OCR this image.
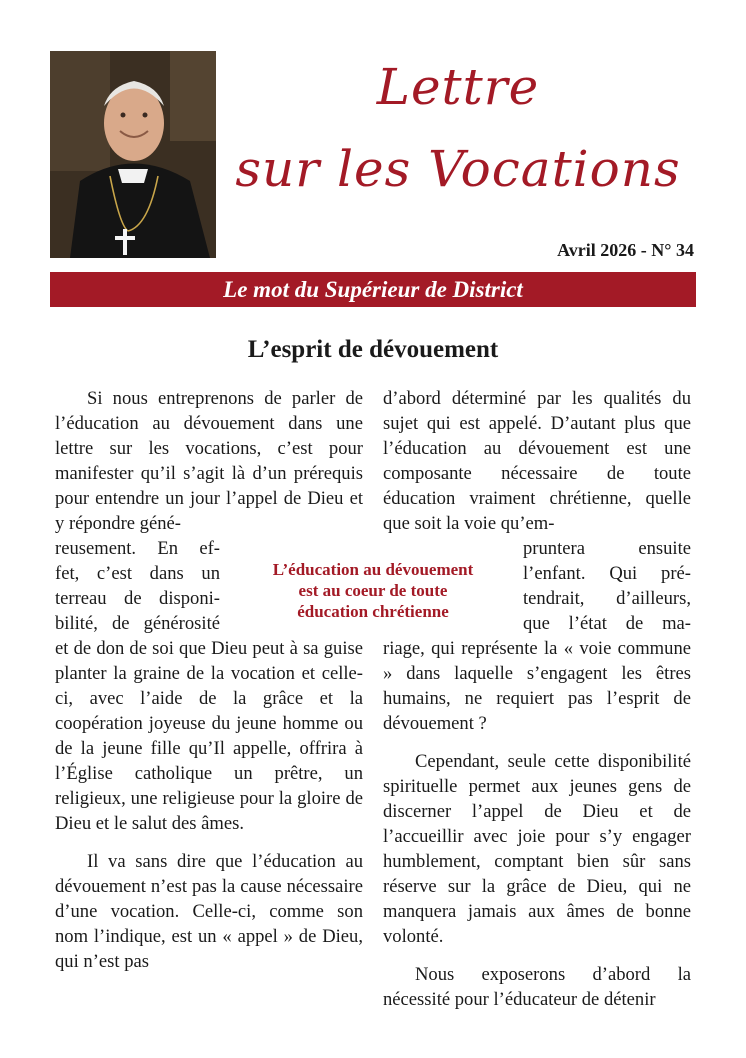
Lettre
sur les Vocations
Avril 2026 - N° 34
Le mot du Supérieur de District
L’esprit de dévouement

Si nous entreprenons de parler de l’éducation au dévouement dans une lettre sur les vocations, c’est pour manifester qu’il s’agit là d’un prérequis pour entendre un jour l’appel de Dieu et y répondre géné-

reusement. En ef-

fet, c’est dans un

terreau de disponi-

bilité, de générosité

et de don de soi que Dieu peut à sa guise planter la graine de la vocation et celle-ci, avec l’aide de la grâce et la coopération joyeuse du jeune homme ou de la jeune fille qu’Il appelle, offrira à l’Église catholique un prêtre, un religieux, une religieuse pour la gloire de Dieu et le salut des âmes.

Il va sans dire que l’éducation au dévouement n’est pas la cause nécessaire d’une vocation. Celle-ci, comme son nom l’indique, est un « appel » de Dieu, qui n’est pas

d’abord déterminé par les qualités du sujet qui est appelé. D’autant plus que l’éducation au dévouement est une composante nécessaire de toute éducation vraiment chrétienne, quelle que soit la voie qu’em-

pruntera ensuite

l’enfant. Qui pré-

tendrait, d’ailleurs,

que l’état de ma-

riage, qui représente la « voie commune » dans laquelle s’engagent les êtres humains, ne requiert pas l’esprit de dévouement ?

Cependant, seule cette disponibilité spirituelle permet aux jeunes gens de discerner l’appel de Dieu et de l’accueillir avec joie pour s’y engager humblement, comptant bien sûr sans réserve sur la grâce de Dieu, qui ne manquera jamais aux âmes de bonne volonté.

Nous exposerons d’abord la nécessité pour l’éducateur de détenir

L’éducation au dévouement
est au coeur de toute
éducation chrétienne
